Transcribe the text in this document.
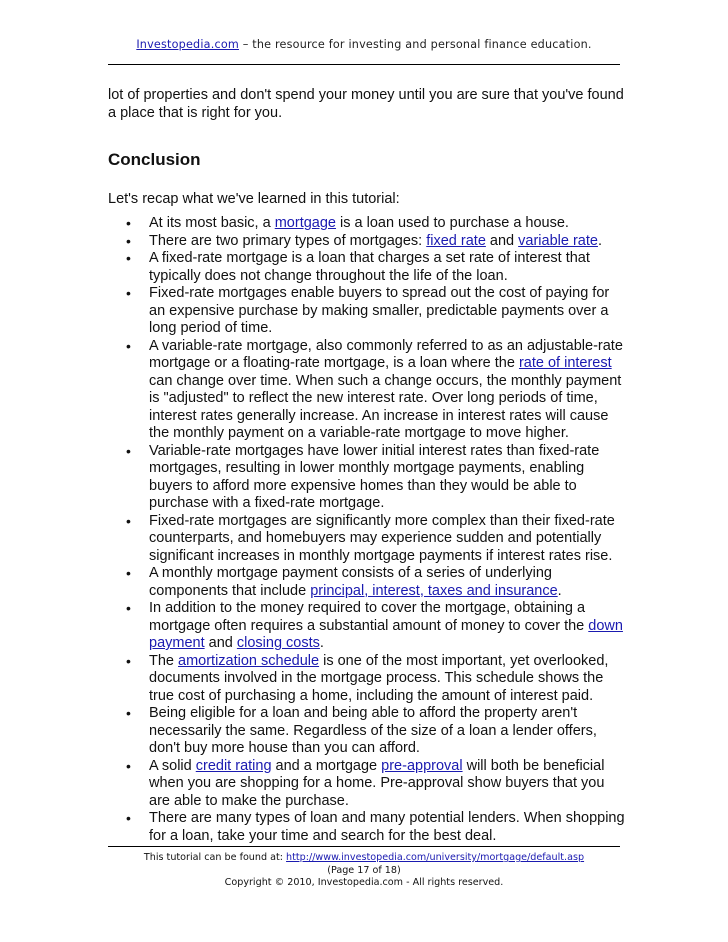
Investopedia.com – the resource for investing and personal finance education.
lot of properties and don't spend your money until you are sure that you've found a place that is right for you.
Conclusion
Let's recap what we've learned in this tutorial:
• At its most basic, a mortgage is a loan used to purchase a house.
• There are two primary types of mortgages: fixed rate and variable rate.
• A fixed-rate mortgage is a loan that charges a set rate of interest that typically does not change throughout the life of the loan.
• Fixed-rate mortgages enable buyers to spread out the cost of paying for an expensive purchase by making smaller, predictable payments over a long period of time.
• A variable-rate mortgage, also commonly referred to as an adjustable-rate mortgage or a floating-rate mortgage, is a loan where the rate of interest can change over time. When such a change occurs, the monthly payment is "adjusted" to reflect the new interest rate. Over long periods of time, interest rates generally increase. An increase in interest rates will cause the monthly payment on a variable-rate mortgage to move higher.
• Variable-rate mortgages have lower initial interest rates than fixed-rate mortgages, resulting in lower monthly mortgage payments, enabling buyers to afford more expensive homes than they would be able to purchase with a fixed-rate mortgage.
• Fixed-rate mortgages are significantly more complex than their fixed-rate counterparts, and homebuyers may experience sudden and potentially significant increases in monthly mortgage payments if interest rates rise.
• A monthly mortgage payment consists of a series of underlying components that include principal, interest, taxes and insurance.
• In addition to the money required to cover the mortgage, obtaining a mortgage often requires a substantial amount of money to cover the down payment and closing costs.
• The amortization schedule is one of the most important, yet overlooked, documents involved in the mortgage process. This schedule shows the true cost of purchasing a home, including the amount of interest paid.
• Being eligible for a loan and being able to afford the property aren't necessarily the same. Regardless of the size of a loan a lender offers, don't buy more house than you can afford.
• A solid credit rating and a mortgage pre-approval will both be beneficial when you are shopping for a home. Pre-approval show buyers that you are able to make the purchase.
• There are many types of loan and many potential lenders. When shopping for a loan, take your time and search for the best deal.
This tutorial can be found at: http://www.investopedia.com/university/mortgage/default.asp
(Page 17 of 18)
Copyright © 2010, Investopedia.com - All rights reserved.
